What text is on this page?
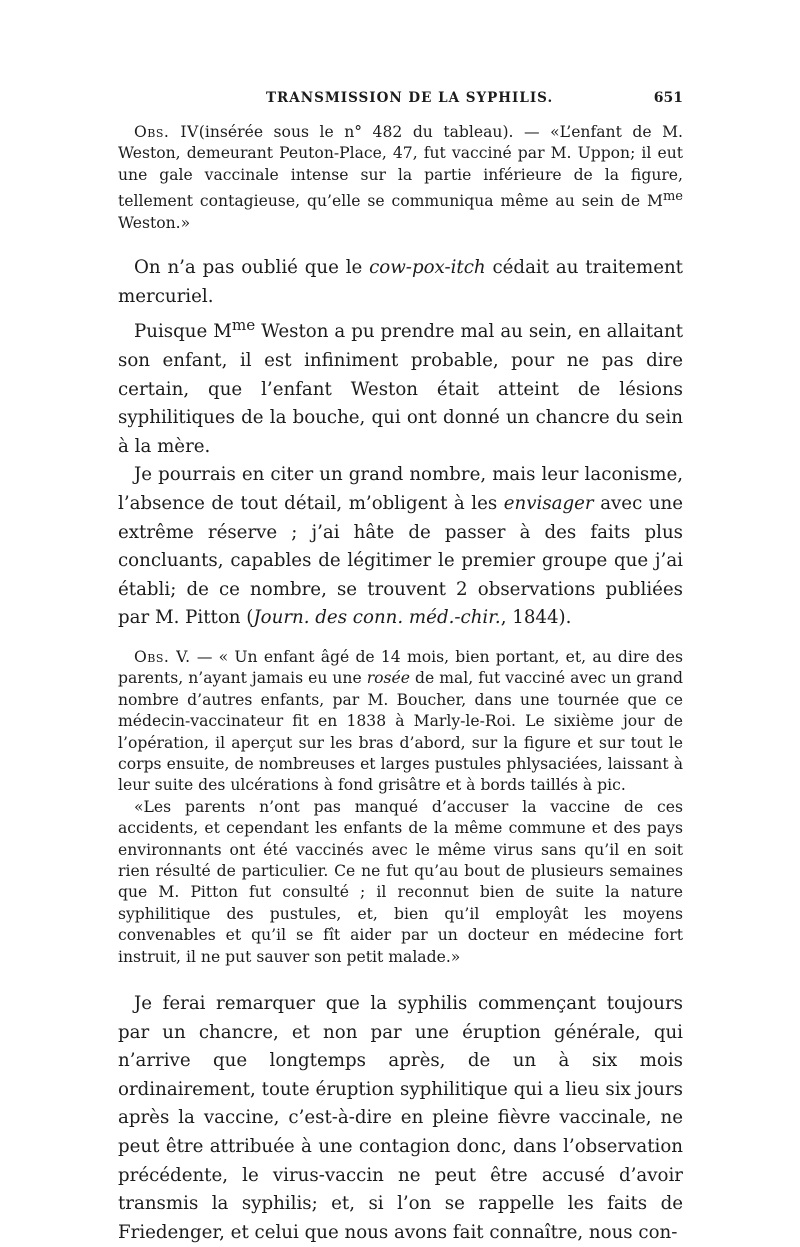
TRANSMISSION DE LA SYPHILIS.	651

Obs. IV(insérée sous le n° 482 du tableau). — «L’enfant de M. Weston, demeurant Peuton-Place, 47, fut vacciné par M. Uppon; il eut une gale vaccinale intense sur la partie inférieure de la figure, tellement contagieuse, qu’elle se communiqua même au sein de $M^{me}$ Weston.»

On n’a pas oublié que le cow-pox-itch cédait au traitement mercuriel.

Puisque $M^{me}$ Weston a pu prendre mal au sein, en allaitant son enfant, il est infiniment probable, pour ne pas dire certain, que l’enfant Weston était atteint de lésions syphilitiques de la bouche, qui ont donné un chancre du sein à la mère.

Je pourrais en citer un grand nombre, mais leur laconisme, l’absence de tout détail, m’obligent à les envisager avec une extrême réserve ; j’ai hâte de passer à des faits plus concluants, capables de légitimer le premier groupe que j’ai établi; de ce nombre, se trouvent 2 observations publiées par M. Pitton (Journ. des conn. méd.-chir., 1844).

Obs. V. — « Un enfant âgé de 14 mois, bien portant, et, au dire des parents, n’ayant jamais eu une rosée de mal, fut vacciné avec un grand nombre d’autres enfants, par M. Boucher, dans une tournée que ce médecin-vaccinateur fit en 1838 à Marly-le-Roi. Le sixième jour de l’opération, il aperçut sur les bras d’abord, sur la figure et sur tout le corps ensuite, de nombreuses et larges pustules phlysaciées, laissant à leur suite des ulcérations à fond grisâtre et à bords taillés à pic.

«Les parents n’ont pas manqué d’accuser la vaccine de ces accidents, et cependant les enfants de la même commune et des pays environnants ont été vaccinés avec le même virus sans qu’il en soit rien résulté de particulier. Ce ne fut qu’au bout de plusieurs semaines que M. Pitton fut consulté ; il reconnut bien de suite la nature syphilitique des pustules, et, bien qu’il employât les moyens convenables et qu’il se fît aider par un docteur en médecine fort instruit, il ne put sauver son petit malade.»

Je ferai remarquer que la syphilis commençant toujours par un chancre, et non par une éruption générale, qui n’arrive que longtemps après, de un à six mois ordinairement, toute éruption syphilitique qui a lieu six jours après la vaccine, c’est-à-dire en pleine fièvre vaccinale, ne peut être attribuée à une contagion donc, dans l’observation précédente, le virus-vaccin ne peut être accusé d’avoir transmis la syphilis; et, si l’on se rappelle les faits de Friedenger, et celui que nous avons fait connaître, nous con-
